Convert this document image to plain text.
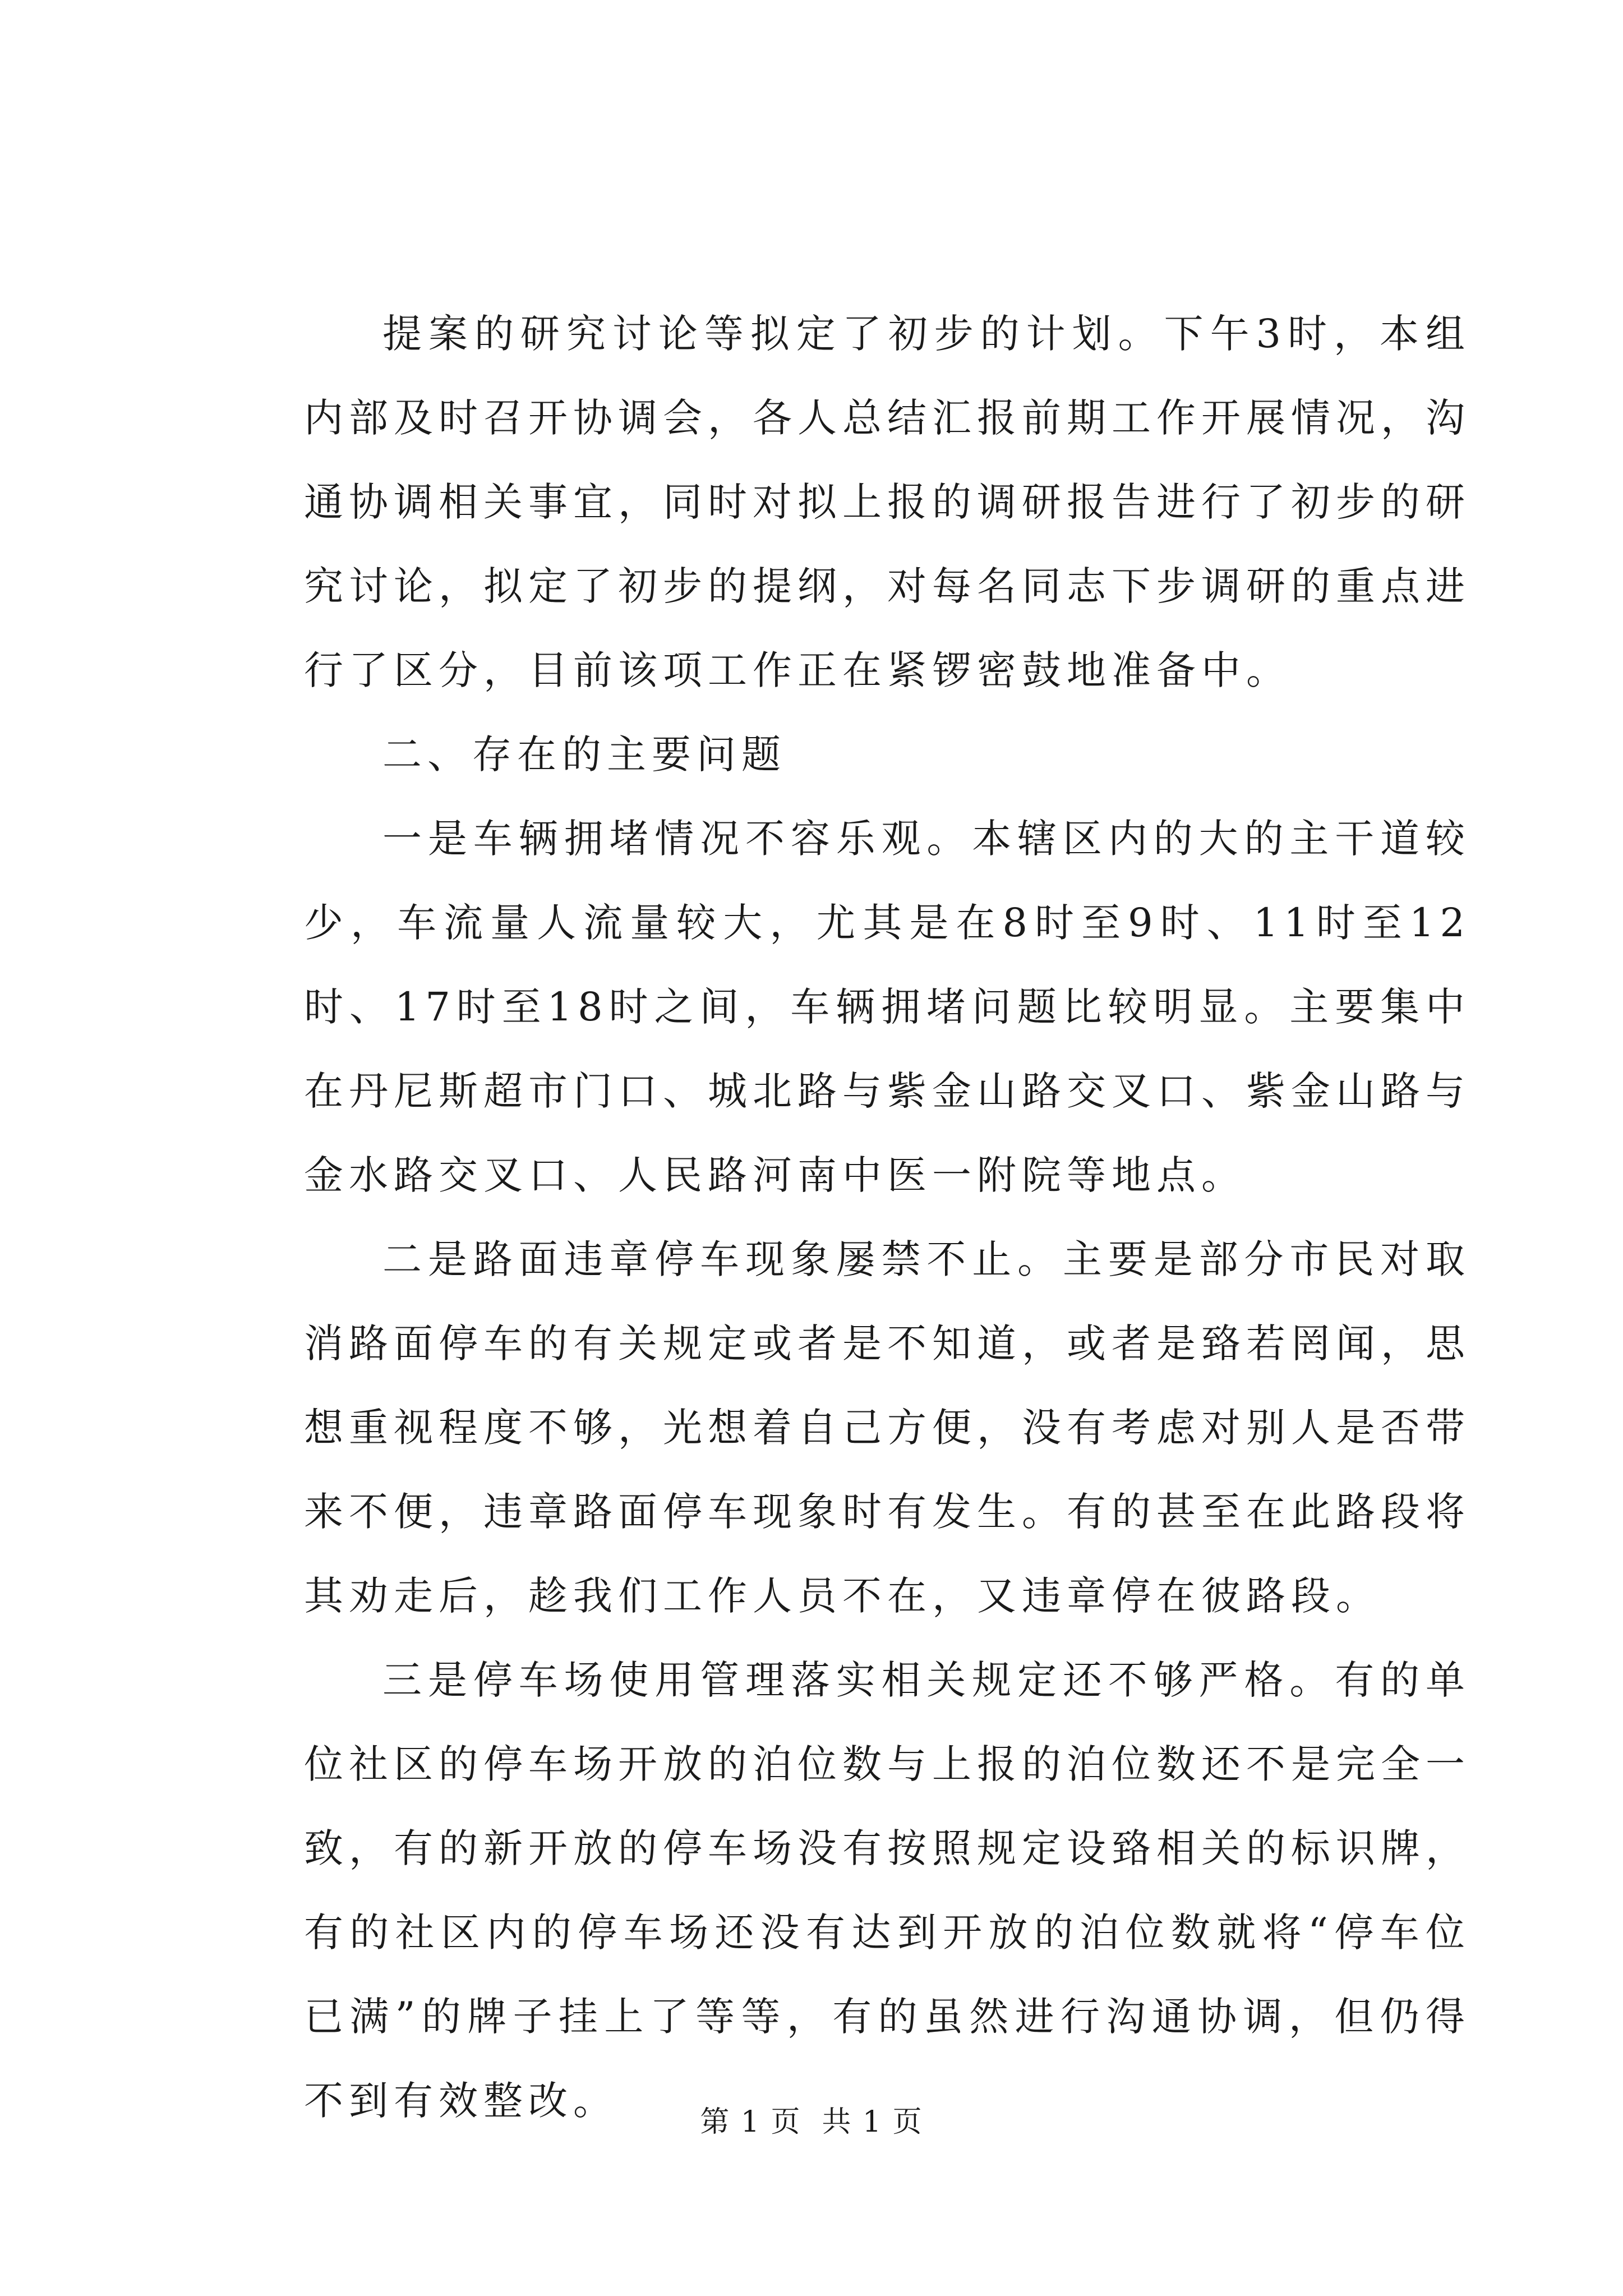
提案的研究讨论等拟定了初步的计划。下午3时，本组内部及时召开协调会，各人总结汇报前期工作开展情况，沟通协调相关事宜，同时对拟上报的调研报告进行了初步的研究讨论，拟定了初步的提纲，对每名同志下步调研的重点进行了区分，目前该项工作正在紧锣密鼓地准备中。

二、存在的主要问题

一是车辆拥堵情况不容乐观。本辖区内的大的主干道较少，车流量人流量较大，尤其是在8时至9时、11时至12时、17时至18时之间，车辆拥堵问题比较明显。主要集中在丹尼斯超市门口、城北路与紫金山路交叉口、紫金山路与金水路交叉口、人民路河南中医一附院等地点。

二是路面违章停车现象屡禁不止。主要是部分市民对取消路面停车的有关规定或者是不知道，或者是臵若罔闻，思想重视程度不够，光想着自己方便，没有考虑对别人是否带来不便，违章路面停车现象时有发生。有的甚至在此路段将其劝走后，趁我们工作人员不在，又违章停在彼路段。

三是停车场使用管理落实相关规定还不够严格。有的单位社区的停车场开放的泊位数与上报的泊位数还不是完全一致，有的新开放的停车场没有按照规定设臵相关的标识牌，有的社区内的停车场还没有达到开放的泊位数就将“停车位已满”的牌子挂上了等等，有的虽然进行沟通协调，但仍得不到有效整改。	第 1 页  共 1 页
